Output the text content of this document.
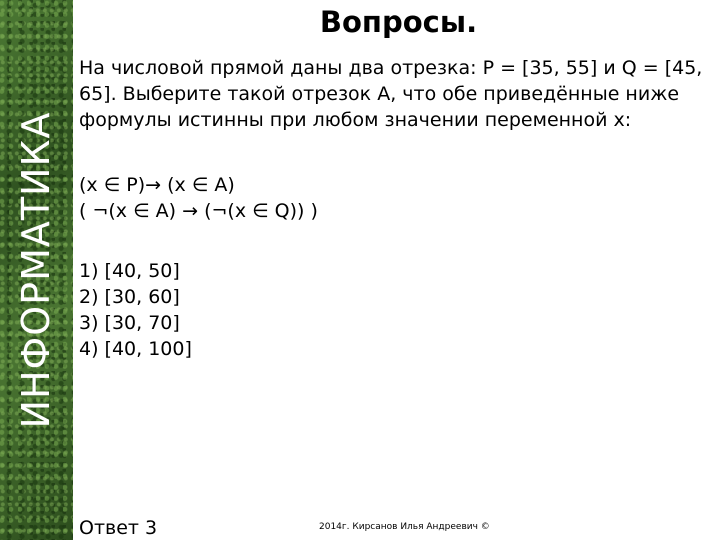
ИНФОРМАТИКА
Вопросы.
На числовой прямой даны два отрезка: P = [35, 55] и Q = [45,
65]. Выберите такой отрезок A, что обе приведённые ниже
формулы истинны при любом значении переменной x:
(x ∈ P)→ (x ∈ A)
( ¬(x ∈ A) → (¬(x ∈ Q)) )
1) [40, 50]
2) [30, 60]
3) [30, 70]
4) [40, 100]
Ответ 3	2014г. Кирсанов Илья Андреевич ©
